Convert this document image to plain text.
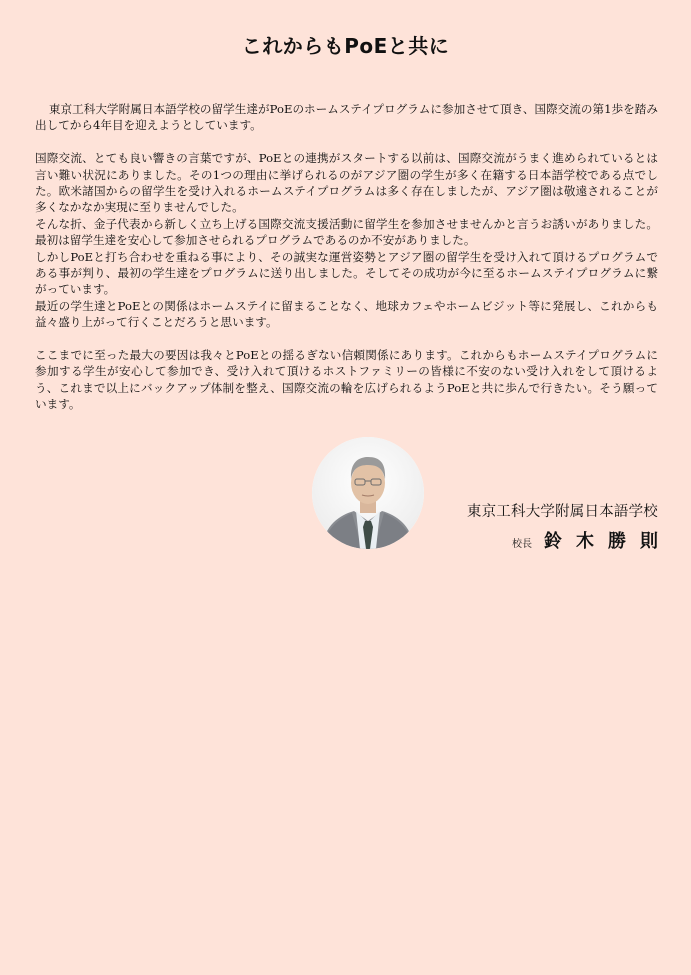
これからもPoEと共に

東京工科大学附属日本語学校の留学生達がPoEのホームステイプログラムに参加させて頂き、国際交流の第1歩を踏み出してから4年目を迎えようとしています。

国際交流、とても良い響きの言葉ですが、PoEとの連携がスタートする以前は、国際交流がうまく進められているとは言い難い状況にありました。その1つの理由に挙げられるのがアジア圏の学生が多く在籍する日本語学校である点でした。欧米諸国からの留学生を受け入れるホームステイプログラムは多く存在しましたが、アジア圏は敬遠されることが多くなかなか実現に至りませんでした。

そんな折、金子代表から新しく立ち上げる国際交流支援活動に留学生を参加させませんかと言うお誘いがありました。最初は留学生達を安心して参加させられるプログラムであるのか不安がありました。

しかしPoEと打ち合わせを重ねる事により、その誠実な運営姿勢とアジア圏の留学生を受け入れて頂けるプログラムである事が判り、最初の学生達をプログラムに送り出しました。そしてその成功が今に至るホームステイプログラムに繋がっています。

最近の学生達とPoEとの関係はホームステイに留まることなく、地球カフェやホームビジット等に発展し、これからも益々盛り上がって行くことだろうと思います。

ここまでに至った最大の要因は我々とPoEとの揺るぎない信頼関係にあります。これからもホームステイプログラムに参加する学生が安心して参加でき、受け入れて頂けるホストファミリーの皆様に不安のない受け入れをして頂けるよう、これまで以上にバックアップ体制を整え、国際交流の輪を広げられるようPoEと共に歩んで行きたい。そう願っています。

東京工科大学附属日本語学校
校長 鈴木勝則
